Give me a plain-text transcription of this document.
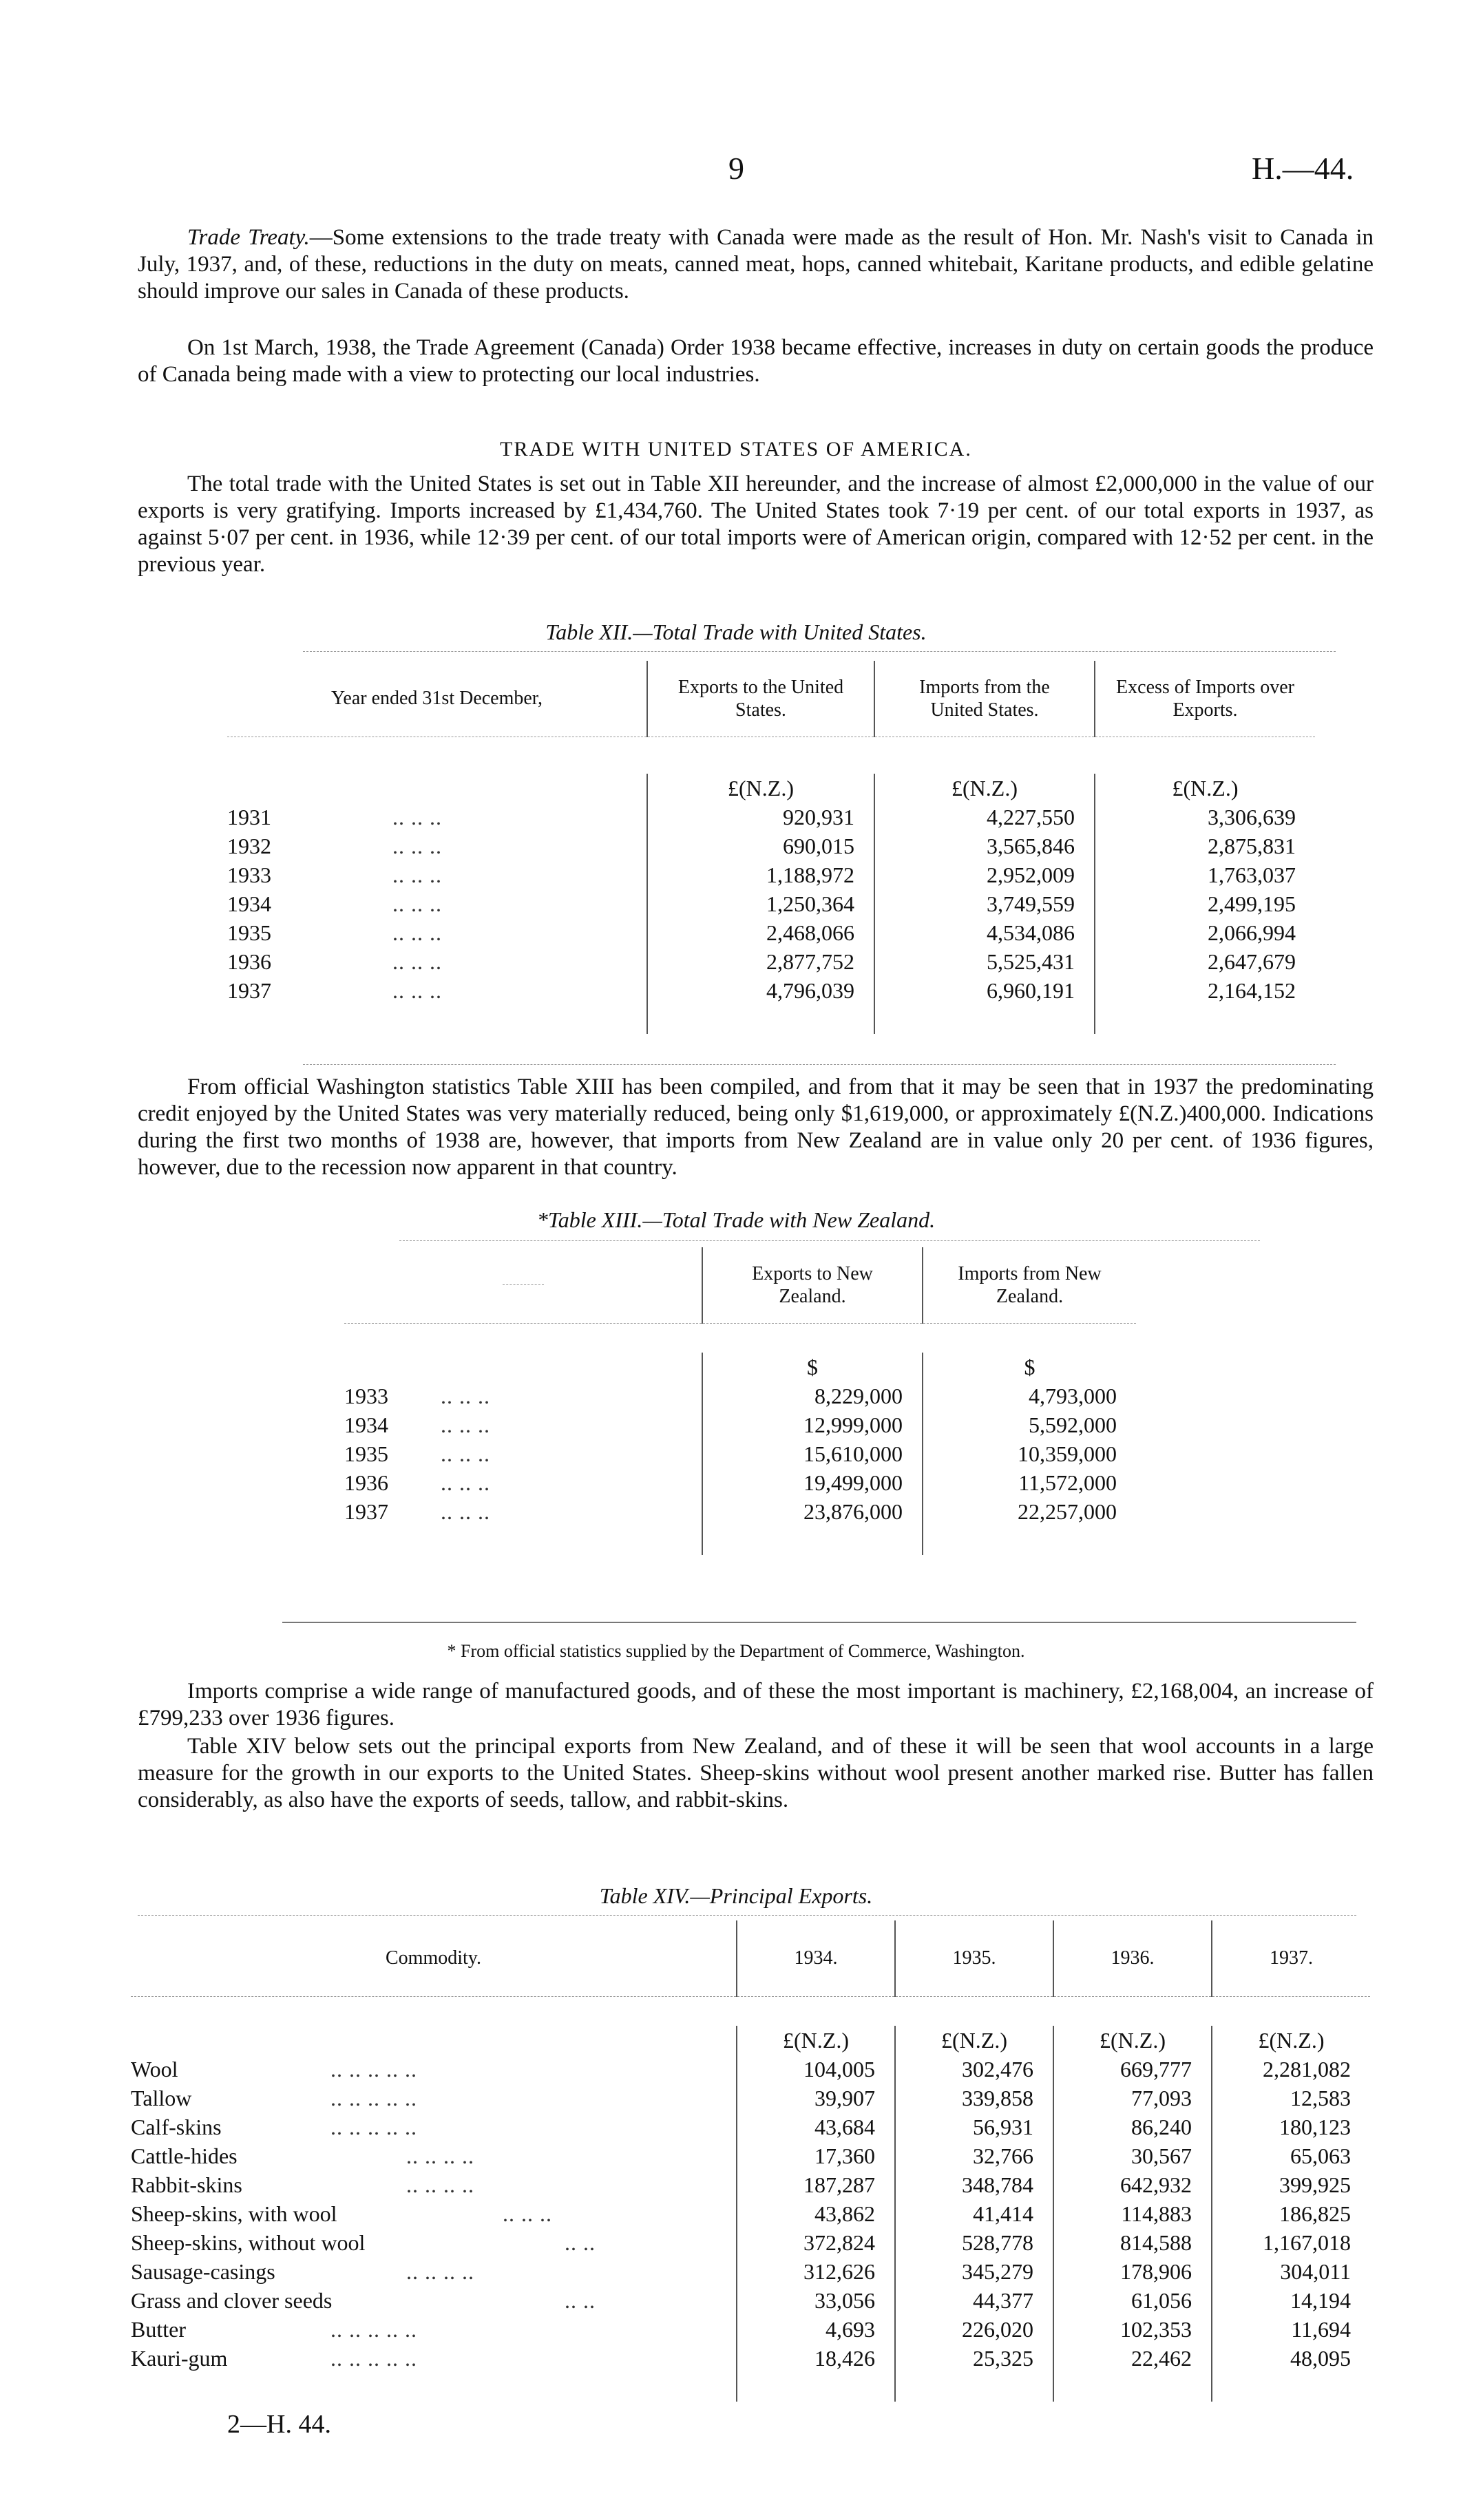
9	H.—44.

Trade Treaty.—Some extensions to the trade treaty with Canada were made as the result of Hon. Mr. Nash's visit to Canada in July, 1937, and, of these, reductions in the duty on meats, canned meat, hops, canned whitebait, Karitane products, and edible gelatine should improve our sales in Canada of these products.

On 1st March, 1938, the Trade Agreement (Canada) Order 1938 became effective, increases in duty on certain goods the produce of Canada being made with a view to protecting our local industries.

TRADE WITH UNITED STATES OF AMERICA.

The total trade with the United States is set out in Table XII hereunder, and the increase of almost £2,000,000 in the value of our exports is very gratifying. Imports increased by £1,434,760. The United States took 7·19 per cent. of our total exports in 1937, as against 5·07 per cent. in 1936, while 12·39 per cent. of our total imports were of American origin, compared with 12·52 per cent. in the previous year.

Table XII.—Total Trade with United States.
Year ended 31st December,	Exports to the United States.	Imports from the United States.	Excess of Imports over Exports.

	£(N.Z.)	£(N.Z.)	£(N.Z.)
1931 .. .. ..	920,931	4,227,550	3,306,639
1932 .. .. ..	690,015	3,565,846	2,875,831
1933 .. .. ..	1,188,972	2,952,009	1,763,037
1934 .. .. ..	1,250,364	3,749,559	2,499,195
1935 .. .. ..	2,468,066	4,534,086	2,066,994
1936 .. .. ..	2,877,752	5,525,431	2,647,679
1937 .. .. ..	4,796,039	6,960,191	2,164,152

From official Washington statistics Table XIII has been compiled, and from that it may be seen that in 1937 the predominating credit enjoyed by the United States was very materially reduced, being only $1,619,000, or approximately £(N.Z.)400,000. Indications during the first two months of 1938 are, however, that imports from New Zealand are in value only 20 per cent. of 1936 figures, however, due to the recession now apparent in that country.

*Table XIII.—Total Trade with New Zealand.
	Exports to New Zealand.	Imports from New Zealand.

	$	$
1933 .. .. ..	8,229,000	4,793,000
1934 .. .. ..	12,999,000	5,592,000
1935 .. .. ..	15,610,000	10,359,000
1936 .. .. ..	19,499,000	11,572,000
1937 .. .. ..	23,876,000	22,257,000

* From official statistics supplied by the Department of Commerce, Washington.

Imports comprise a wide range of manufactured goods, and of these the most important is machinery, £2,168,004, an increase of £799,233 over 1936 figures.

Table XIV below sets out the principal exports from New Zealand, and of these it will be seen that wool accounts in a large measure for the growth in our exports to the United States. Sheep-skins without wool present another marked rise. Butter has fallen considerably, as also have the exports of seeds, tallow, and rabbit-skins.

Table XIV.—Principal Exports.
Commodity.	1934.	1935.	1936.	1937.

	£(N.Z.)	£(N.Z.)	£(N.Z.)	£(N.Z.)
Wool .. .. .. .. ..	104,005	302,476	669,777	2,281,082
Tallow .. .. .. .. ..	39,907	339,858	77,093	12,583
Calf-skins .. .. .. .. ..	43,684	56,931	86,240	180,123
Cattle-hides .. .. .. ..	17,360	32,766	30,567	65,063
Rabbit-skins .. .. .. ..	187,287	348,784	642,932	399,925
Sheep-skins, with wool .. .. ..	43,862	41,414	114,883	186,825
Sheep-skins, without wool .. ..	372,824	528,778	814,588	1,167,018
Sausage-casings .. .. .. ..	312,626	345,279	178,906	304,011
Grass and clover seeds .. ..	33,056	44,377	61,056	14,194
Butter .. .. .. .. ..	4,693	226,020	102,353	11,694
Kauri-gum .. .. .. .. ..	18,426	25,325	22,462	48,095

2—H. 44.
